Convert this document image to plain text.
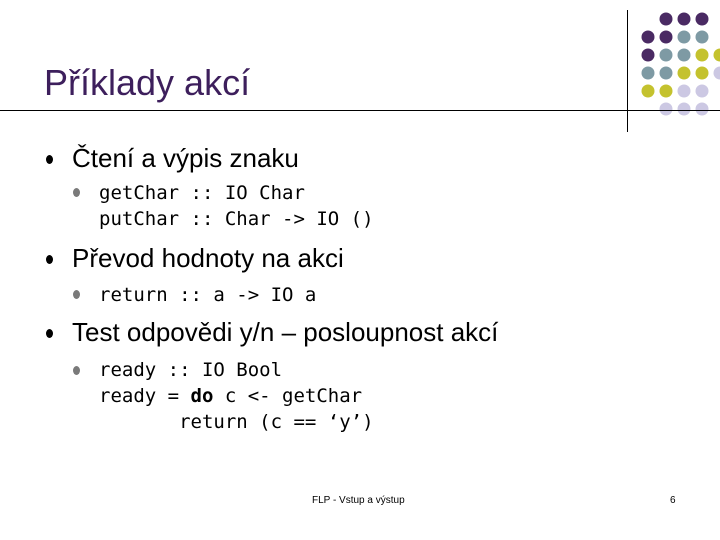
Příklady akcí
Čtení a výpis znaku
getChar :: IO Char
putChar :: Char -> IO ()
Převod hodnoty na akci
return :: a -> IO a
Test odpovědi y/n – posloupnost akcí
ready :: IO Bool
ready = do c <- getChar
return (c == ‘y’)
FLP - Vstup a výstup	6
